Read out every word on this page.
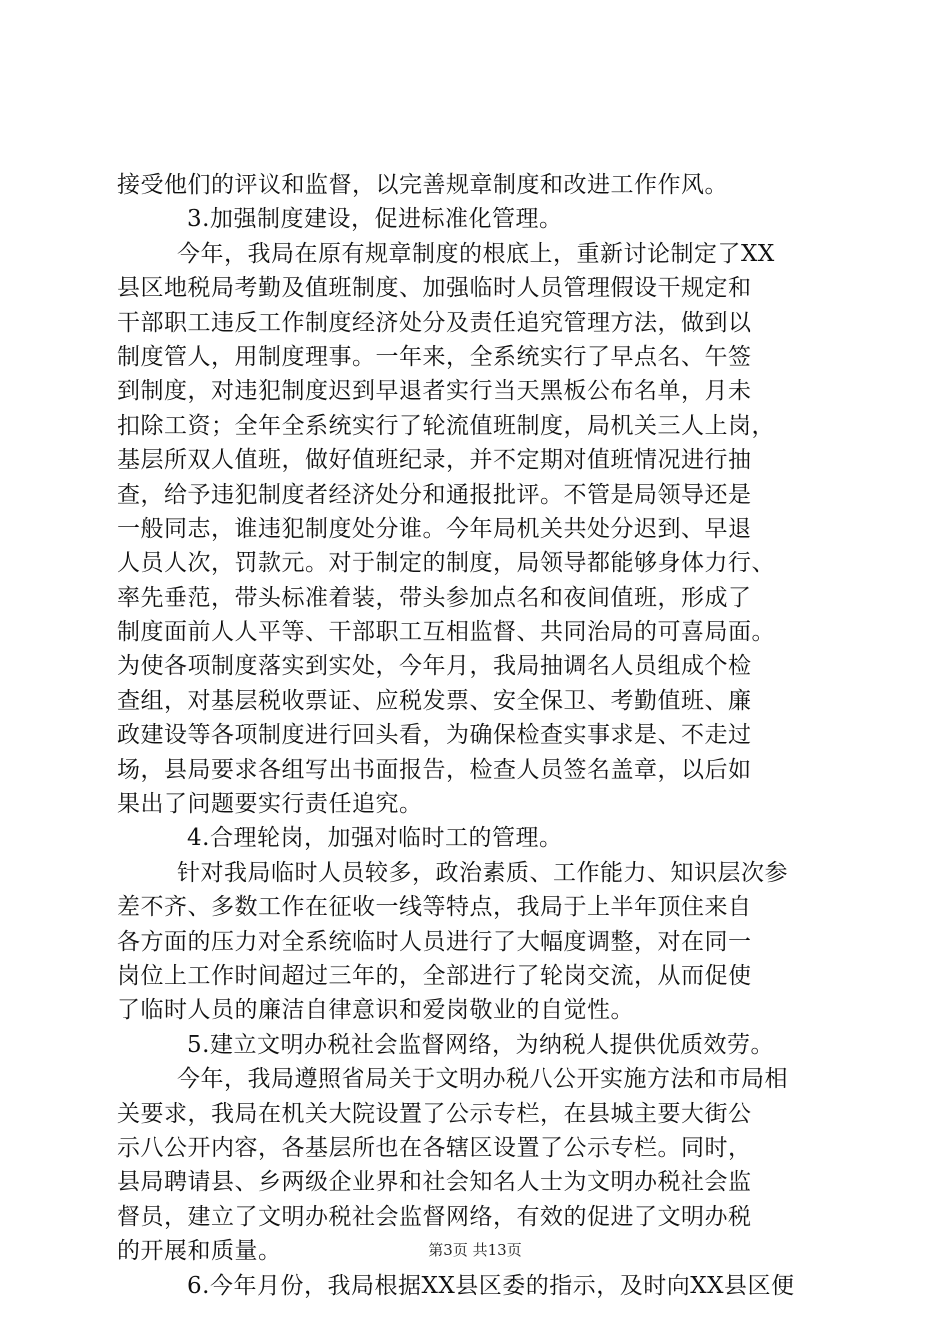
接受他们的评议和监督，以完善规章制度和改进工作作风。
3.加强制度建设，促进标准化管理。
今年，我局在原有规章制度的根底上，重新讨论制定了XX
县区地税局考勤及值班制度、加强临时人员管理假设干规定和
干部职工违反工作制度经济处分及责任追究管理方法，做到以
制度管人，用制度理事。一年来，全系统实行了早点名、午签
到制度，对违犯制度迟到早退者实行当天黑板公布名单，月未
扣除工资；全年全系统实行了轮流值班制度，局机关三人上岗，
基层所双人值班，做好值班纪录，并不定期对值班情况进行抽
查，给予违犯制度者经济处分和通报批评。不管是局领导还是
一般同志，谁违犯制度处分谁。今年局机关共处分迟到、早退
人员人次，罚款元。对于制定的制度，局领导都能够身体力行、
率先垂范，带头标准着装，带头参加点名和夜间值班，形成了
制度面前人人平等、干部职工互相监督、共同治局的可喜局面。
为使各项制度落实到实处，今年月，我局抽调名人员组成个检
查组，对基层税收票证、应税发票、安全保卫、考勤值班、廉
政建设等各项制度进行回头看，为确保检查实事求是、不走过
场，县局要求各组写出书面报告，检查人员签名盖章，以后如
果出了问题要实行责任追究。
4.合理轮岗，加强对临时工的管理。
针对我局临时人员较多，政治素质、工作能力、知识层次参
差不齐、多数工作在征收一线等特点，我局于上半年顶住来自
各方面的压力对全系统临时人员进行了大幅度调整，对在同一
岗位上工作时间超过三年的，全部进行了轮岗交流，从而促使
了临时人员的廉洁自律意识和爱岗敬业的自觉性。
5.建立文明办税社会监督网络，为纳税人提供优质效劳。
今年，我局遵照省局关于文明办税八公开实施方法和市局相
关要求，我局在机关大院设置了公示专栏，在县城主要大街公
示八公开内容，各基层所也在各辖区设置了公示专栏。同时，
县局聘请县、乡两级企业界和社会知名人士为文明办税社会监
督员，建立了文明办税社会监督网络，有效的促进了文明办税
的开展和质量。
6.今年月份，我局根据XX县区委的指示，及时向XX县区便
第3页 共13页
